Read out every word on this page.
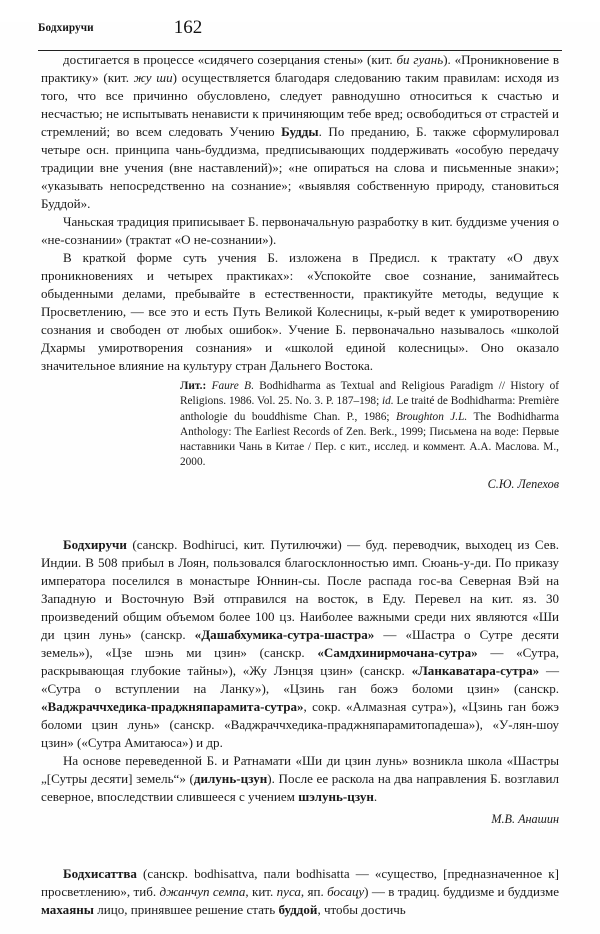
Бодхиручи	162

достигается в процессе «сидячего созерцания стены» (кит. би гуань). «Проникновение в практику» (кит. жу ши) осуществляется благодаря следованию таким правилам: исходя из того, что все причинно обусловлено, следует равнодушно относиться к счастью и несчастью; не испытывать ненависти к причиняющим тебе вред; освободиться от страстей и стремлений; во всем следовать Учению Будды. По преданию, Б. также сформулировал четыре осн. принципа чань-буддизма, предписывающих поддерживать «особую передачу традиции вне учения (вне наставлений)»; «не опираться на слова и письменные знаки»; «указывать непосредственно на сознание»; «выявляя собственную природу, становиться Буддой».

Чаньская традиция приписывает Б. первоначальную разработку в кит. буддизме учения о «не-сознании» (трактат «О не-сознании»).

В краткой форме суть учения Б. изложена в Предисл. к трактату «О двух проникновениях и четырех практиках»: «Успокойте свое сознание, занимайтесь обыденными делами, пребывайте в естественности, практикуйте методы, ведущие к Просветлению, — все это и есть Путь Великой Колесницы, к-рый ведет к умиротворению сознания и свободен от любых ошибок». Учение Б. первоначально называлось «школой Дхармы умиротворения сознания» и «школой единой колесницы». Оно оказало значительное влияние на культуру стран Дальнего Востока.

Лит.: Faure B. Bodhidharma as Textual and Religious Paradigm // History of Religions. 1986. Vol. 25. No. 3. P. 187–198; id. Le traité de Bodhidharma: Première anthologie du bouddhisme Chan. P., 1986; Broughton J.L. The Bodhidharma Anthology: The Earliest Records of Zen. Berk., 1999; Письмена на воде: Первые наставники Чань в Китае / Пер. с кит., исслед. и коммент. А.А. Маслова. М., 2000.

С.Ю. Лепехов

Бодхиручи (санскр. Bodhiruci, кит. Путилючжи) — буд. переводчик, выходец из Сев. Индии. В 508 прибыл в Лоян, пользовался благосклонностью имп. Сюань-у-ди. По приказу императора поселился в монастыре Юннин-сы. После распада гос-ва Северная Вэй на Западную и Восточную Вэй отправился на восток, в Еду. Перевел на кит. яз. 30 произведений общим объемом более 100 цз. Наиболее важными среди них являются «Ши ди цзин лунь» (санскр. «Дашабхумика-сутра-шастра» — «Шастра о Сутре десяти земель»), «Цзе шэнь ми цзин» (санскр. «Самдхинирмочана-сутра» — «Сутра, раскрывающая глубокие тайны»), «Жу Лэнцзя цзин» (санскр. «Ланкаватара-сутра» — «Сутра о вступлении на Ланку»), «Цзинь ган божэ боломи цзин» (санскр. «Ваджраччхедика-праджняпарамита-сутра», сокр. «Алмазная сутра»), «Цзинь ган божэ боломи цзин лунь» (санскр. «Ваджраччхедика-праджняпарамитопадеша»), «У-лян-шоу цзин» («Сутра Амитаюса») и др.

На основе переведенной Б. и Ратнамати «Ши ди цзин лунь» возникла школа «Шастры „[Сутры десяти] земель“» (дилунь-цзун). После ее раскола на два направления Б. возглавил северное, впоследствии слившееся с учением шэлунь-цзун.

М.В. Анашин

Бодхисаттва (санскр. bodhisattva, пали bodhisatta — «существо, [предназначенное к] просветлению», тиб. джанчуп семпа, кит. пуса, яп. босацу) — в традиц. буддизме и буддизме махаяны лицо, принявшее решение стать буддой, чтобы достичь
